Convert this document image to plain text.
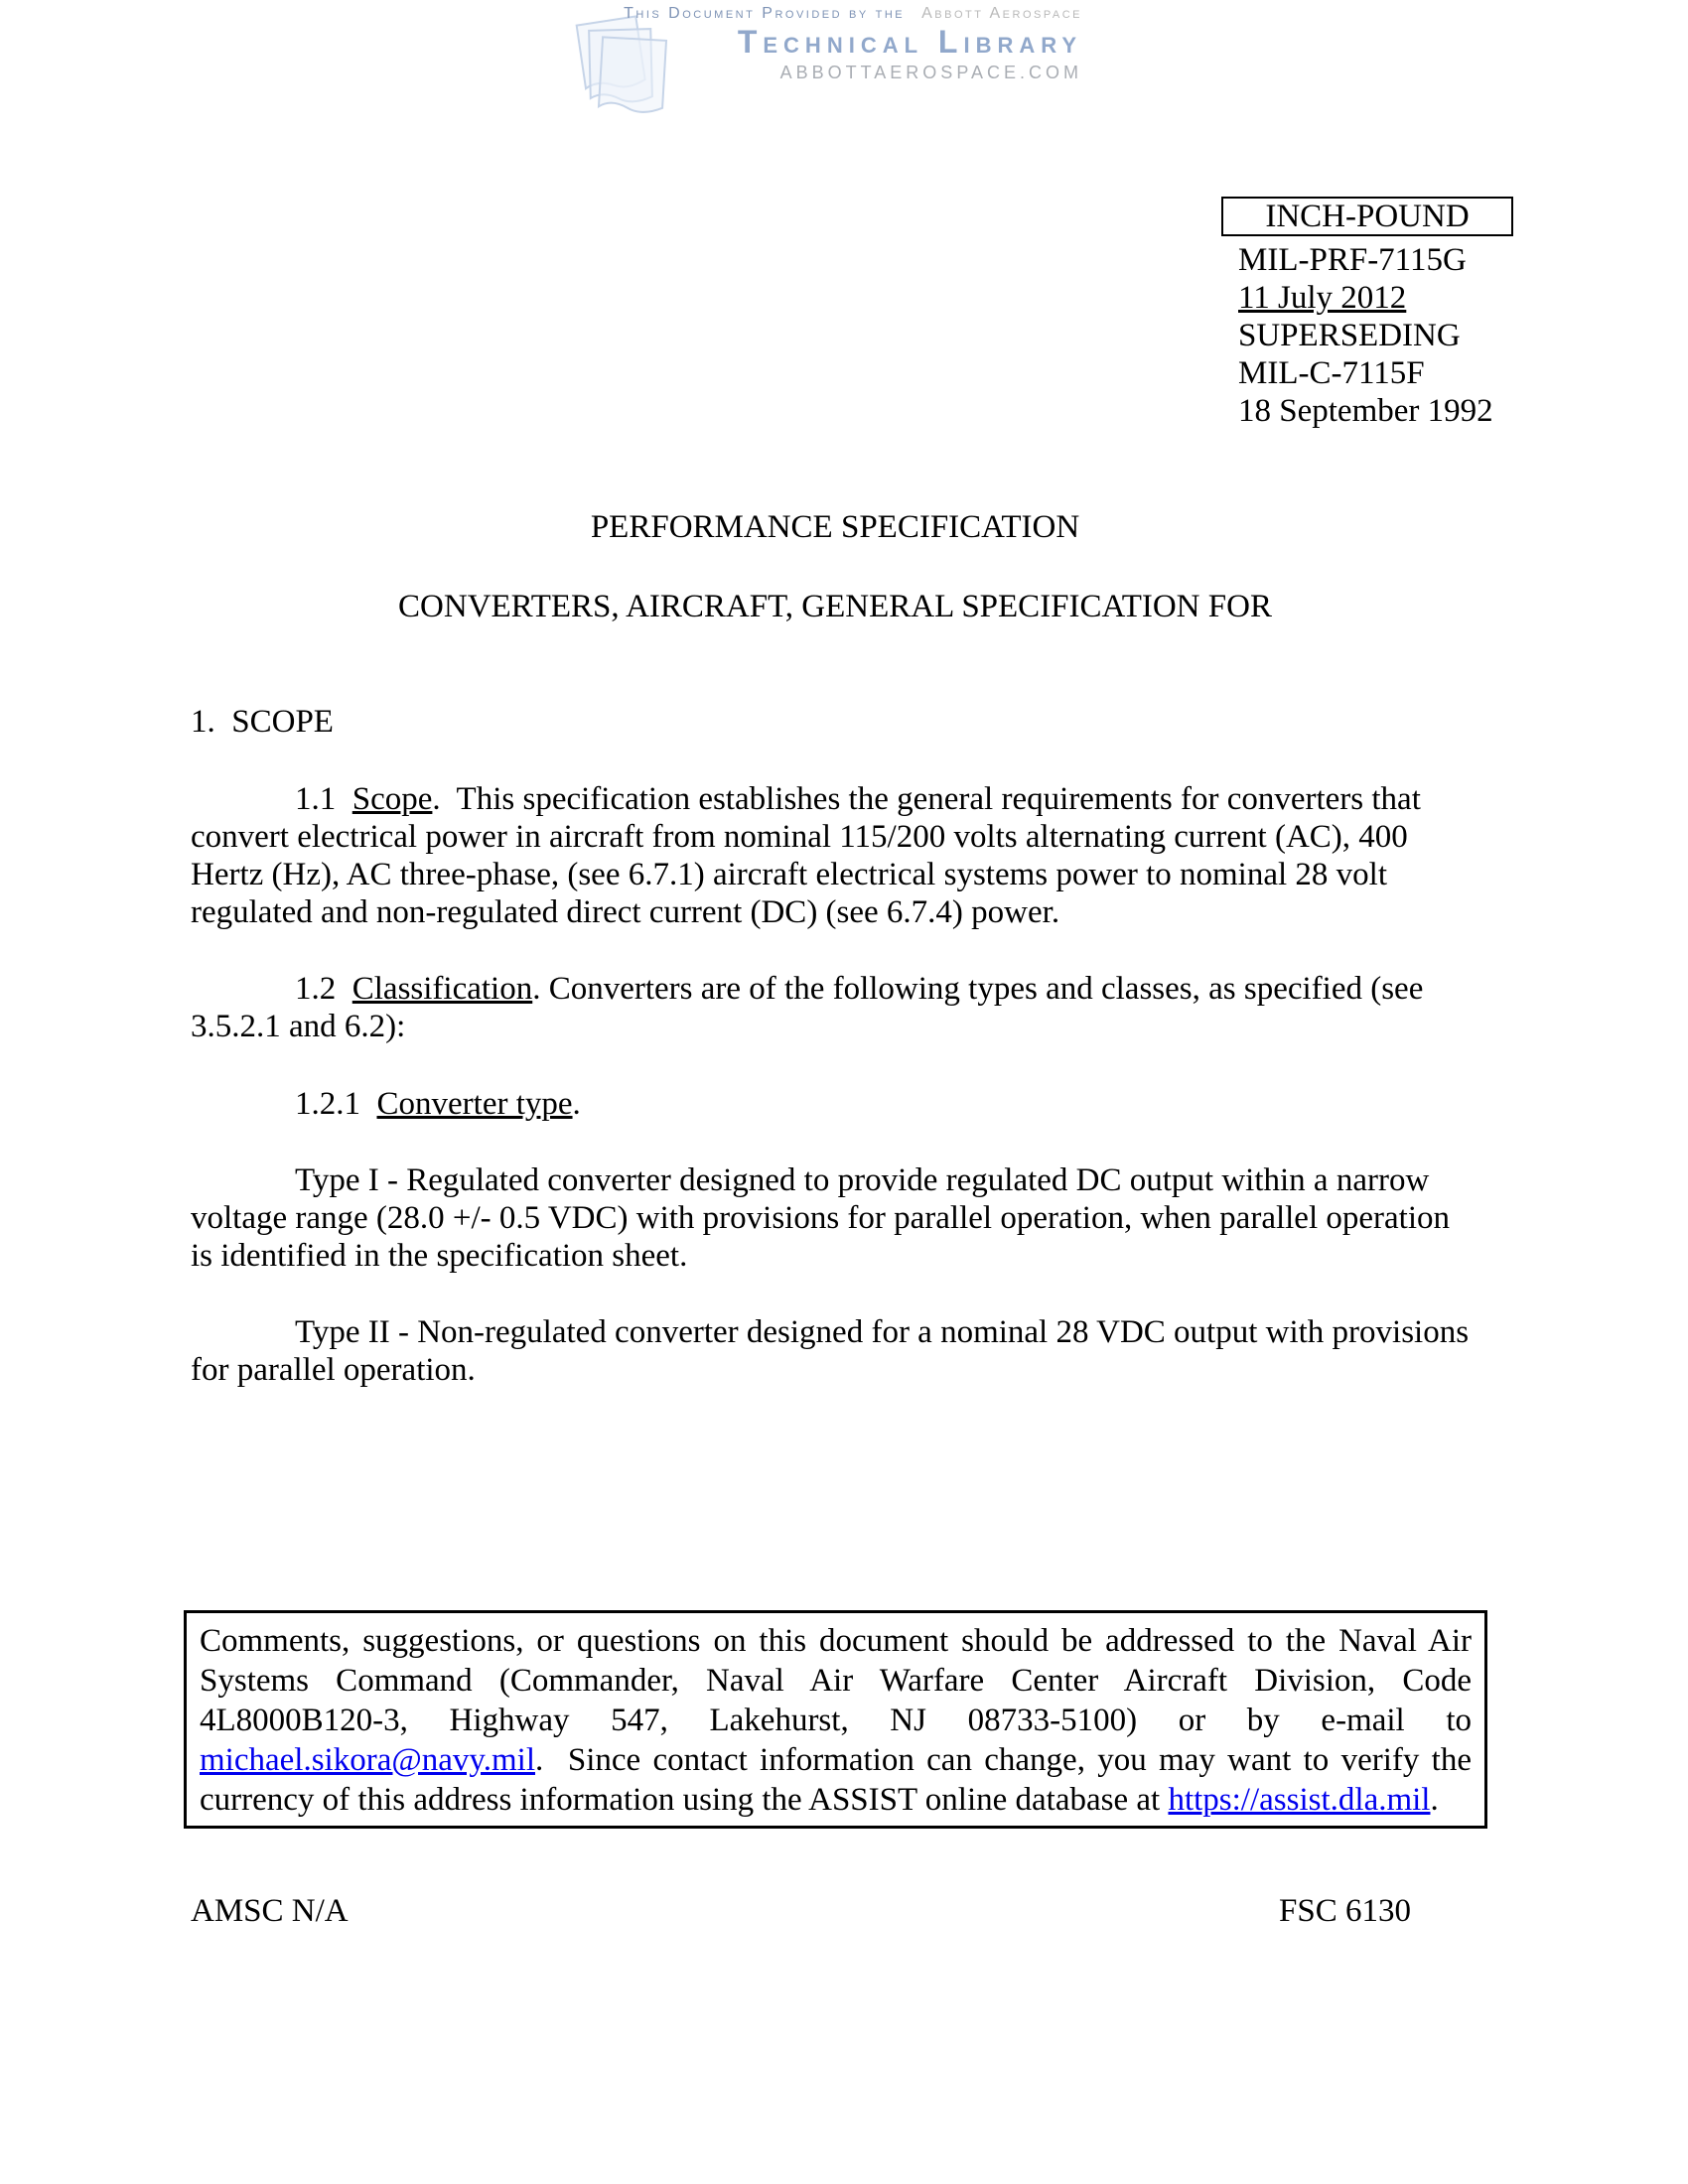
This Document Provided by the Abbott Aerospace
Technical Library
ABBOTTAEROSPACE.COM
INCH-POUND
MIL-PRF-7115G
11 July 2012
SUPERSEDING
MIL-C-7115F
18 September 1992
PERFORMANCE SPECIFICATION
CONVERTERS, AIRCRAFT, GENERAL SPECIFICATION FOR
1.  SCOPE

1.1  Scope.  This specification establishes the general requirements for converters that convert electrical power in aircraft from nominal 115/200 volts alternating current (AC), 400 Hertz (Hz), AC three-phase, (see 6.7.1) aircraft electrical systems power to nominal 28 volt regulated and non-regulated direct current (DC) (see 6.7.4) power.

1.2  Classification. Converters are of the following types and classes, as specified (see 3.5.2.1 and 6.2):

1.2.1  Converter type.

Type I - Regulated converter designed to provide regulated DC output within a narrow voltage range (28.0 +/- 0.5 VDC) with provisions for parallel operation, when parallel operation is identified in the specification sheet.

Type II - Non-regulated converter designed for a nominal 28 VDC output with provisions for parallel operation.

Comments, suggestions, or questions on this document should be addressed to the Naval Air Systems Command (Commander, Naval Air Warfare Center Aircraft Division, Code 4L8000B120-3, Highway 547, Lakehurst, NJ 08733-5100) or by e-mail to michael.sikora@navy.mil.  Since contact information can change, you may want to verify the currency of this address information using the ASSIST online database at https://assist.dla.mil.
AMSC N/A	FSC 6130
